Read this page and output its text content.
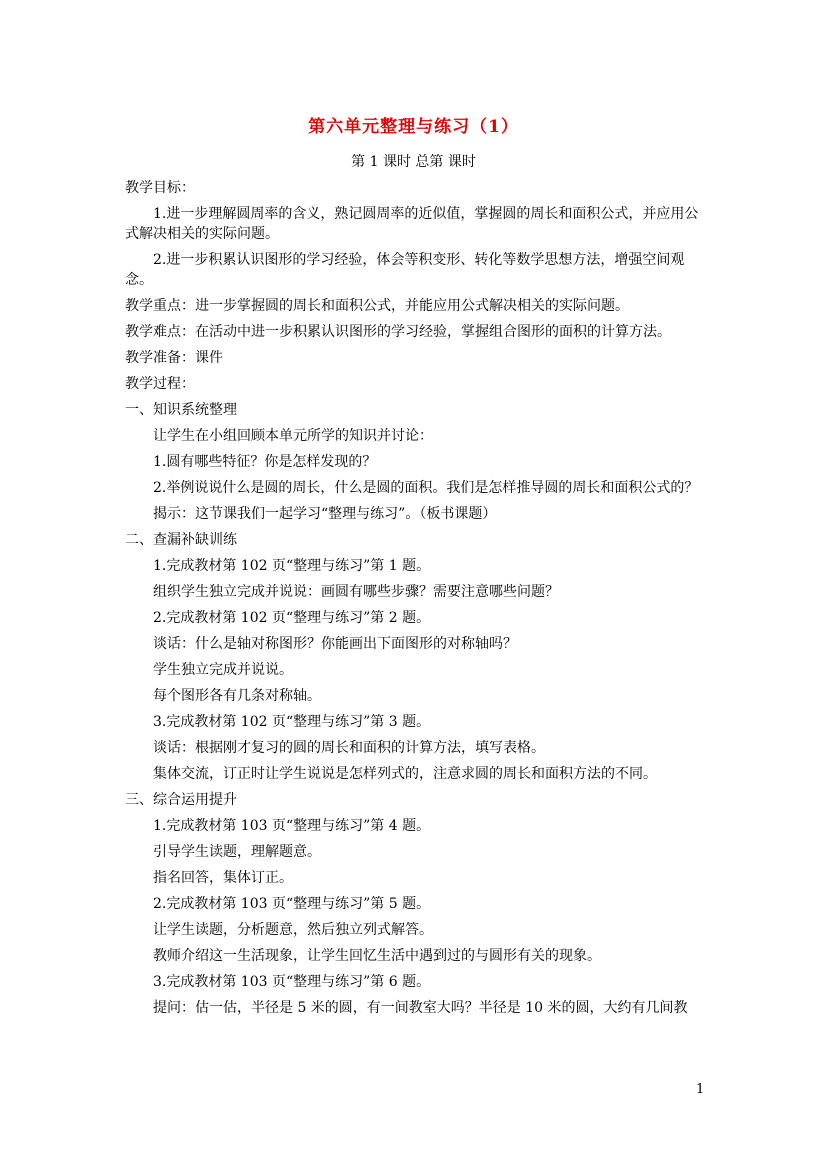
第六单元整理与练习（1）
第 1 课时 总第 课时

教学目标：

1.进一步理解圆周率的含义，熟记圆周率的近似值，掌握圆的周长和面积公式，并应用公式解决相关的实际问题。

2.进一步积累认识图形的学习经验，体会等积变形、转化等数学思想方法，增强空间观念。

教学重点：进一步掌握圆的周长和面积公式，并能应用公式解决相关的实际问题。

教学难点：在活动中进一步积累认识图形的学习经验，掌握组合图形的面积的计算方法。

教学准备：课件

教学过程：

一、知识系统整理

让学生在小组回顾本单元所学的知识并讨论：

1.圆有哪些特征？你是怎样发现的？

2.举例说说什么是圆的周长，什么是圆的面积。我们是怎样推导圆的周长和面积公式的？

揭示：这节课我们一起学习“整理与练习”。（板书课题）

二、查漏补缺训练

1.完成教材第 102 页“整理与练习”第 1 题。

组织学生独立完成并说说：画圆有哪些步骤？需要注意哪些问题？

2.完成教材第 102 页“整理与练习”第 2 题。

谈话：什么是轴对称图形？你能画出下面图形的对称轴吗？

学生独立完成并说说。

每个图形各有几条对称轴。

3.完成教材第 102 页“整理与练习”第 3 题。

谈话：根据刚才复习的圆的周长和面积的计算方法，填写表格。

集体交流，订正时让学生说说是怎样列式的，注意求圆的周长和面积方法的不同。

三、综合运用提升

1.完成教材第 103 页“整理与练习”第 4 题。

引导学生读题，理解题意。

指名回答，集体订正。

2.完成教材第 103 页“整理与练习”第 5 题。

让学生读题，分析题意，然后独立列式解答。

教师介绍这一生活现象，让学生回忆生活中遇到过的与圆形有关的现象。

3.完成教材第 103 页“整理与练习”第 6 题。

提问：估一估，半径是 5 米的圆，有一间教室大吗？半径是 10 米的圆，大约有几间教

1
